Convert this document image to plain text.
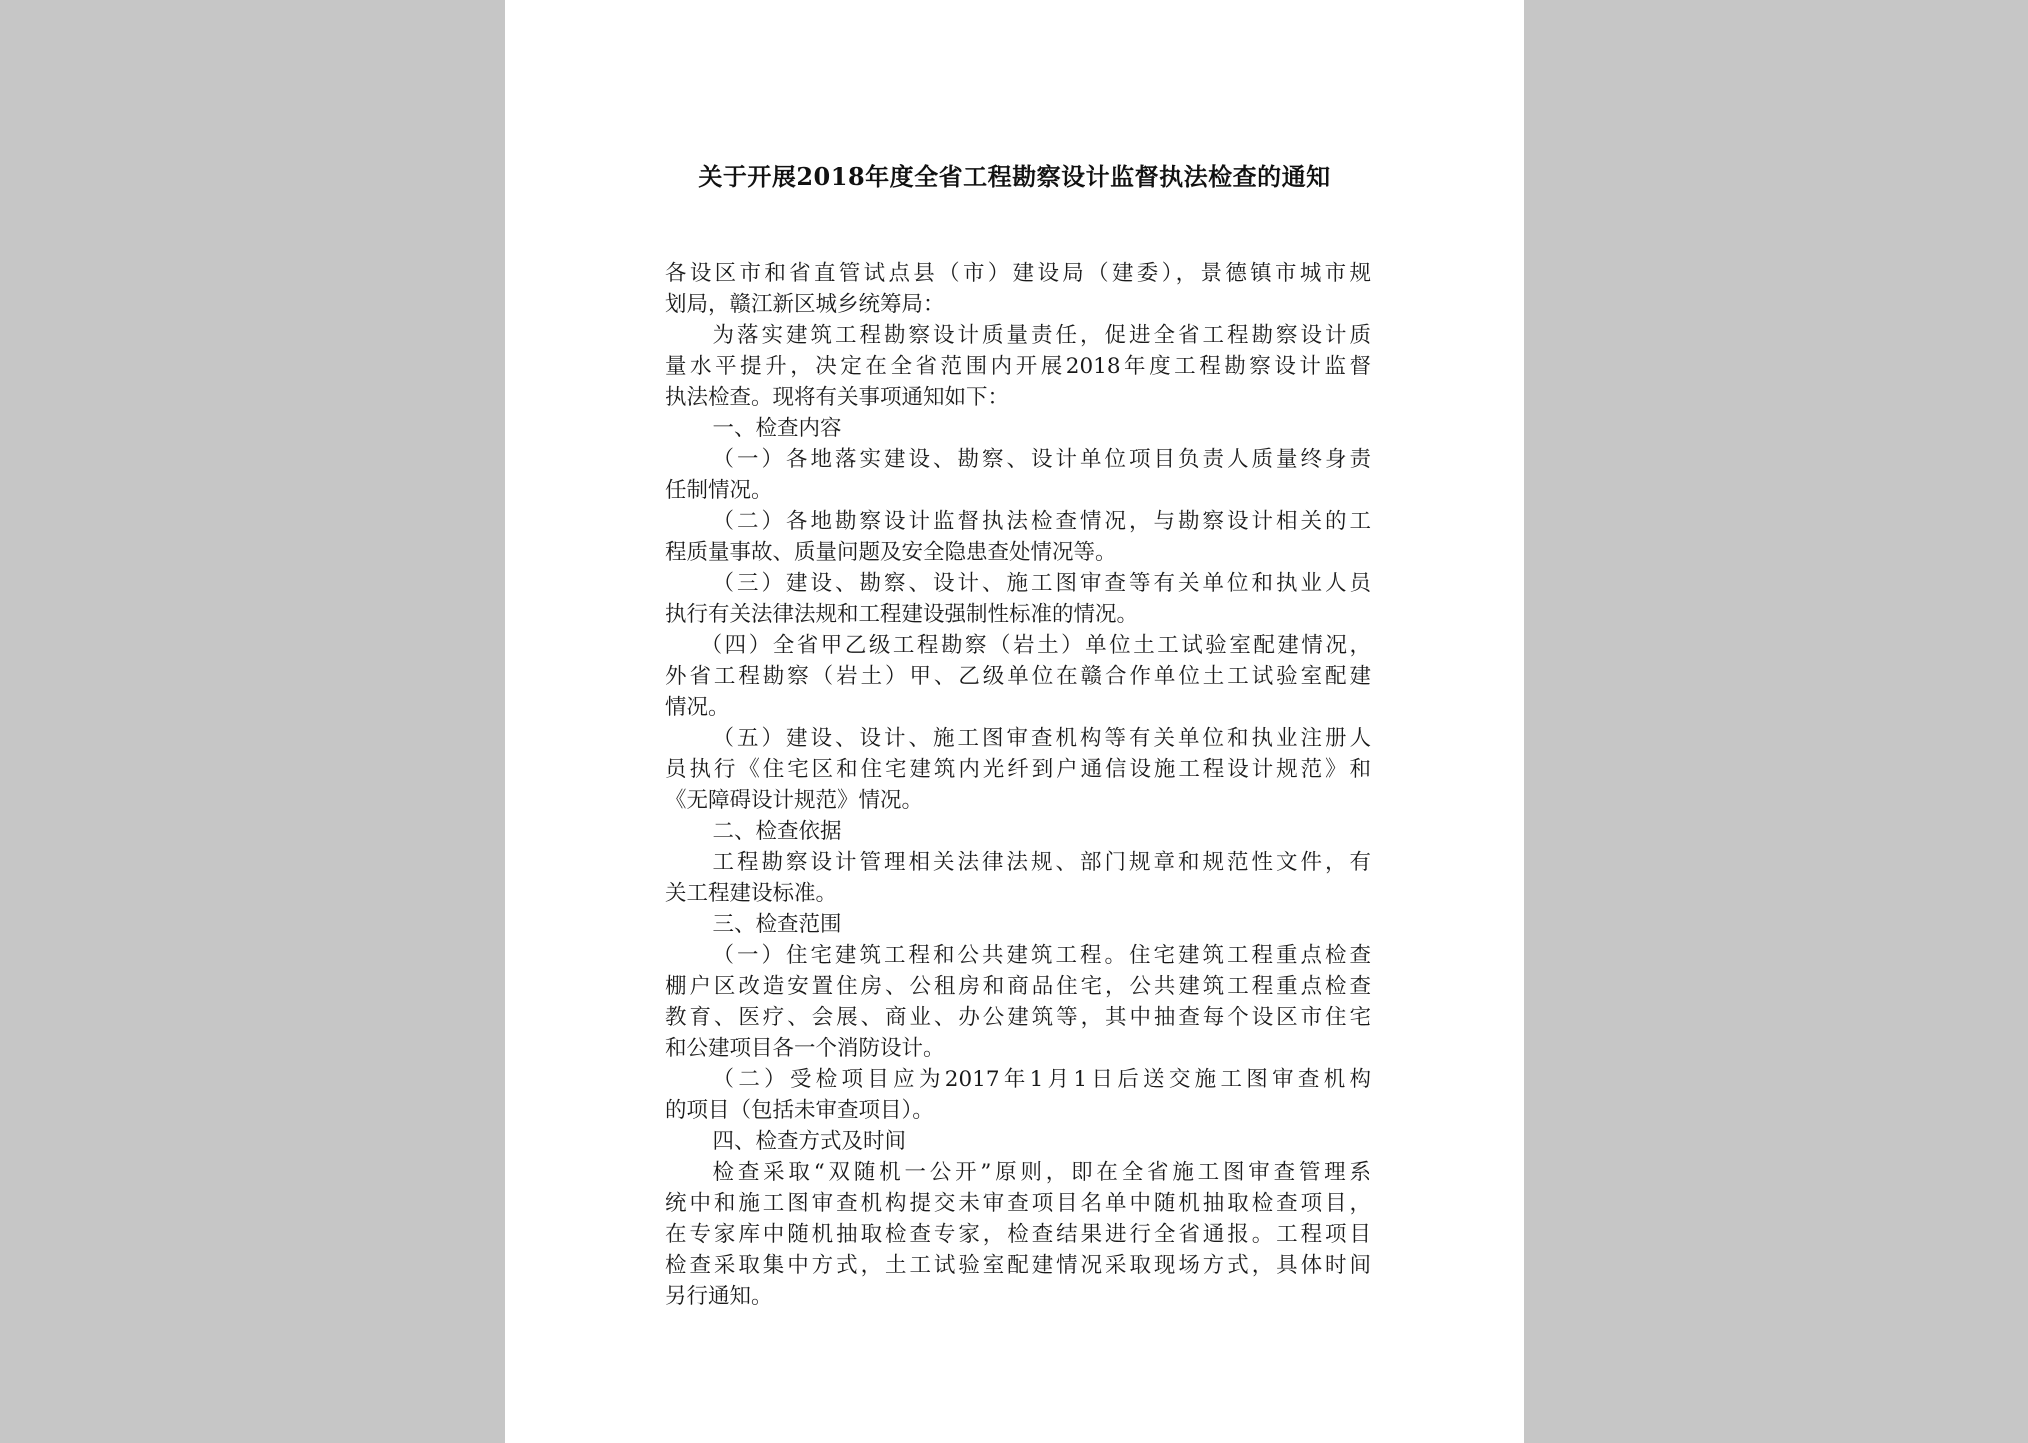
关于开展2018年度全省工程勘察设计监督执法检查的通知
各设区市和省直管试点县（市）建设局（建委），景德镇市城市规
划局，赣江新区城乡统筹局：
为落实建筑工程勘察设计质量责任，促进全省工程勘察设计质
量水平提升，决定在全省范围内开展2018年度工程勘察设计监督
执法检查。现将有关事项通知如下：
一、检查内容
（一）各地落实建设、勘察、设计单位项目负责人质量终身责
任制情况。
（二）各地勘察设计监督执法检查情况，与勘察设计相关的工
程质量事故、质量问题及安全隐患查处情况等。
（三）建设、勘察、设计、施工图审查等有关单位和执业人员
执行有关法律法规和工程建设强制性标准的情况。
（四）全省甲乙级工程勘察（岩土）单位土工试验室配建情况，
外省工程勘察（岩土）甲、乙级单位在赣合作单位土工试验室配建
情况。
（五）建设、设计、施工图审查机构等有关单位和执业注册人
员执行《住宅区和住宅建筑内光纤到户通信设施工程设计规范》和
《无障碍设计规范》情况。
二、检查依据
工程勘察设计管理相关法律法规、部门规章和规范性文件，有
关工程建设标准。
三、检查范围
（一）住宅建筑工程和公共建筑工程。住宅建筑工程重点检查
棚户区改造安置住房、公租房和商品住宅，公共建筑工程重点检查
教育、医疗、会展、商业、办公建筑等，其中抽查每个设区市住宅
和公建项目各一个消防设计。
（二）受检项目应为2017年1月1日后送交施工图审查机构
的项目（包括未审查项目）。
四、检查方式及时间
检查采取“双随机一公开”原则，即在全省施工图审查管理系
统中和施工图审查机构提交未审查项目名单中随机抽取检查项目，
在专家库中随机抽取检查专家，检查结果进行全省通报。工程项目
检查采取集中方式，土工试验室配建情况采取现场方式，具体时间
另行通知。
